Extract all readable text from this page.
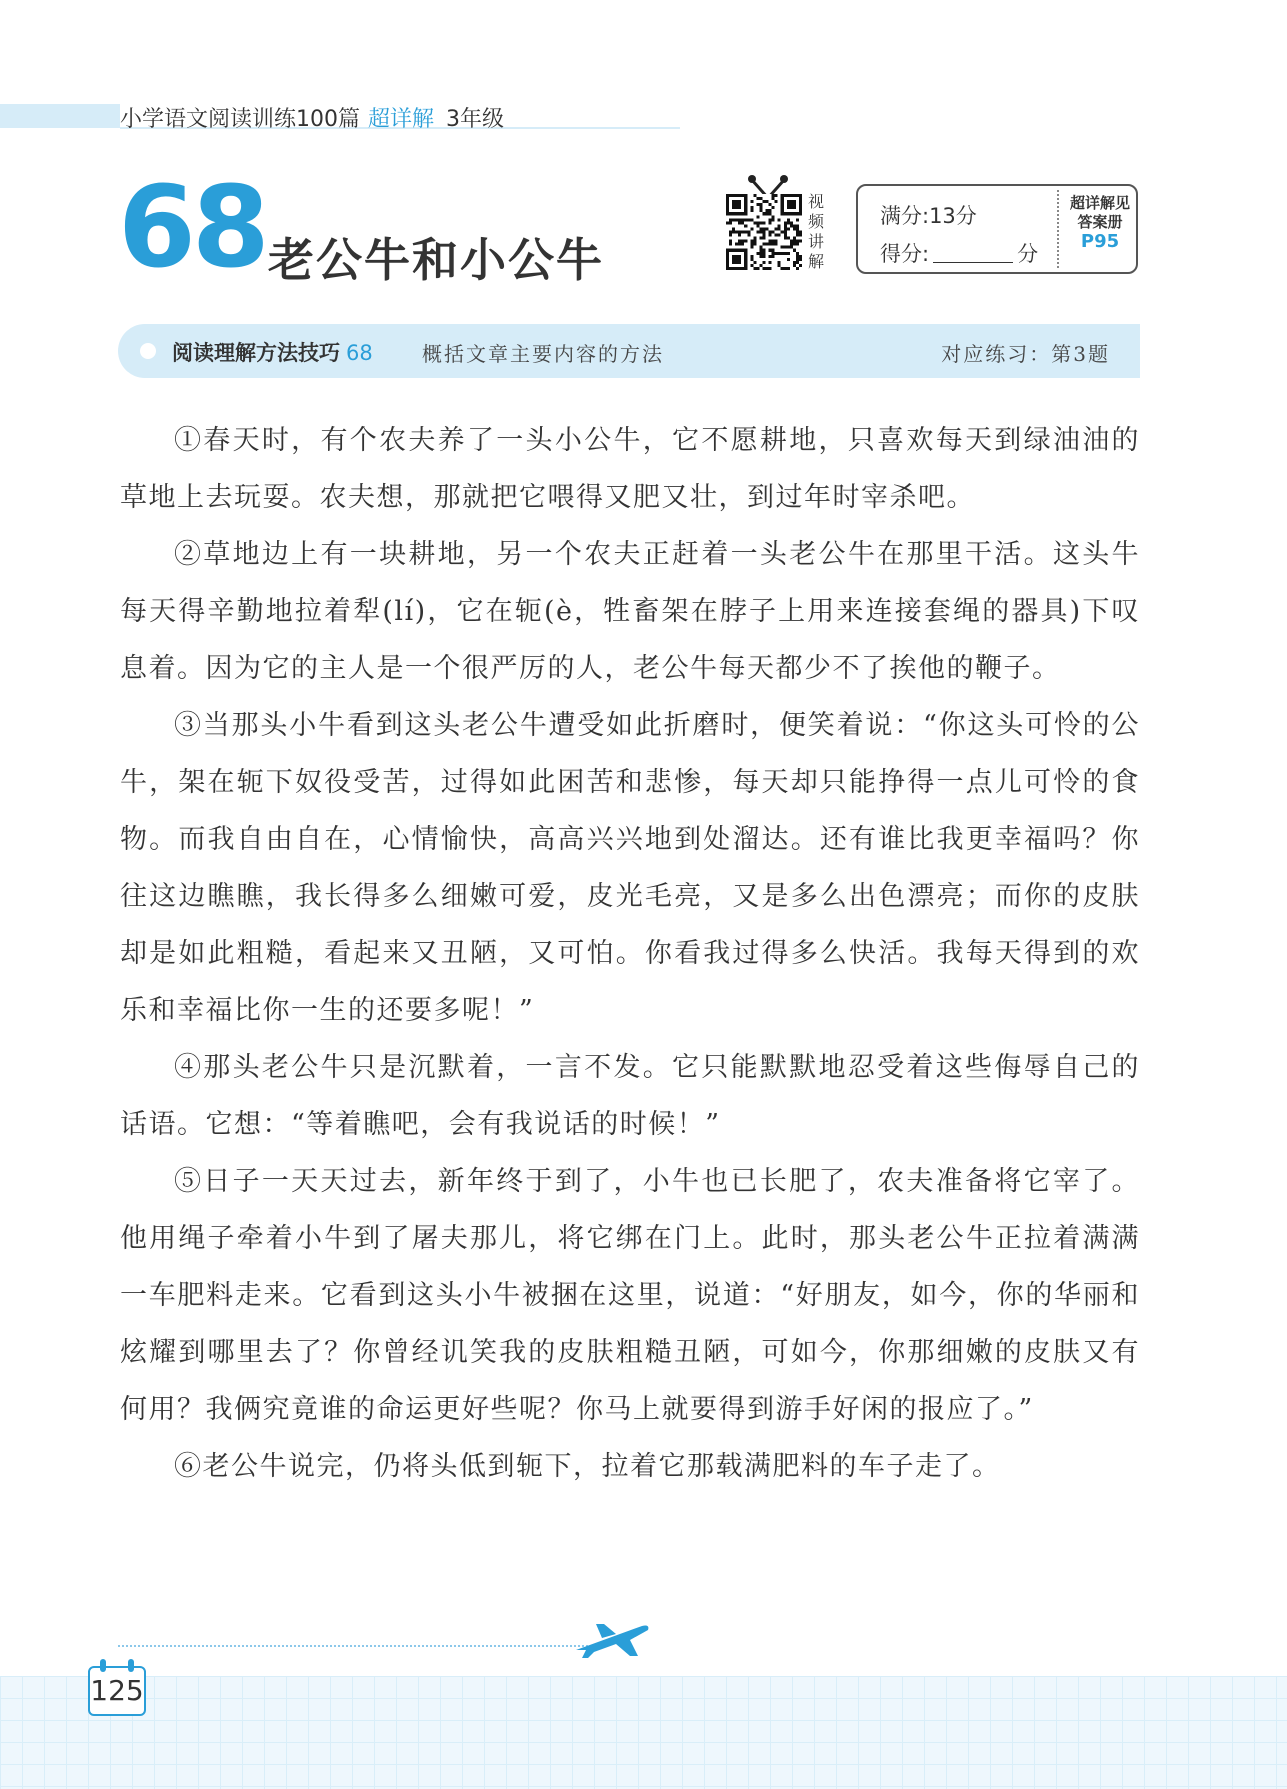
小学语文阅读训练100篇 超详解 3年级
68 老公牛和小公牛
视
频
讲
解
满分:13分
得分:	分
超详解见
答案册
P95
阅读理解方法技巧 68 概括文章主要内容的方法	对应练习：第3题

①春天时，有个农夫养了一头小公牛，它不愿耕地，只喜欢每天到绿油油的草地上去玩耍。农夫想，那就把它喂得又肥又壮，到过年时宰杀吧。

②草地边上有一块耕地，另一个农夫正赶着一头老公牛在那里干活。这头牛每天得辛勤地拉着犁(lí)，它在轭(è，牲畜架在脖子上用来连接套绳的器具)下叹息着。因为它的主人是一个很严厉的人，老公牛每天都少不了挨他的鞭子。

③当那头小牛看到这头老公牛遭受如此折磨时，便笑着说：“你这头可怜的公牛，架在轭下奴役受苦，过得如此困苦和悲惨，每天却只能挣得一点儿可怜的食物。而我自由自在，心情愉快，高高兴兴地到处溜达。还有谁比我更幸福吗？你往这边瞧瞧，我长得多么细嫩可爱，皮光毛亮，又是多么出色漂亮；而你的皮肤却是如此粗糙，看起来又丑陋，又可怕。你看我过得多么快活。我每天得到的欢乐和幸福比你一生的还要多呢！”

④那头老公牛只是沉默着，一言不发。它只能默默地忍受着这些侮辱自己的话语。它想：“等着瞧吧，会有我说话的时候！”

⑤日子一天天过去，新年终于到了，小牛也已长肥了，农夫准备将它宰了。他用绳子牵着小牛到了屠夫那儿，将它绑在门上。此时，那头老公牛正拉着满满一车肥料走来。它看到这头小牛被捆在这里，说道：“好朋友，如今，你的华丽和炫耀到哪里去了？你曾经讥笑我的皮肤粗糙丑陋，可如今，你那细嫩的皮肤又有何用？我俩究竟谁的命运更好些呢？你马上就要得到游手好闲的报应了。”

⑥老公牛说完，仍将头低到轭下，拉着它那载满肥料的车子走了。

125
